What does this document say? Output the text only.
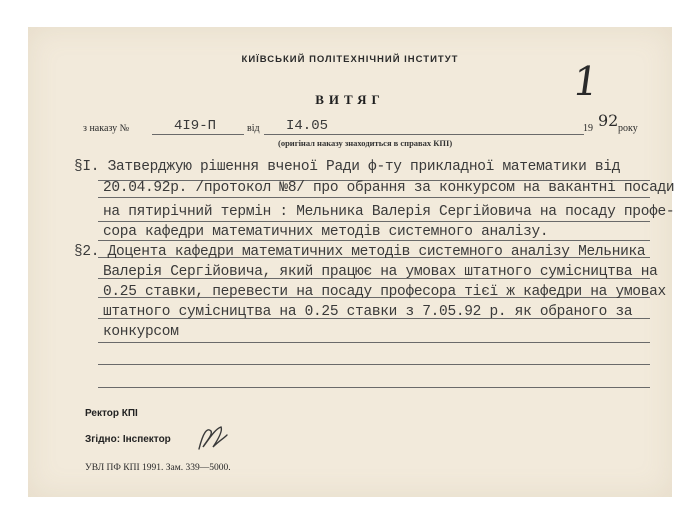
КИЇВСЬКИЙ ПОЛІТЕХНІЧНИЙ ІНСТИТУТ	1
ВИТЯГ
з наказу №	4І9-П	від І4.05	19 92 року
(оригінал наказу знаходиться в справах КПІ)
§І. Затверджую рішення вченої Ради ф-ту прикладної математики від
20.04.92р. /протокол №8/ про обрання за конкурсом на вакантні посади
на пятирічний термін : Мельника Валерія Сергійовича на посаду профе-
сора кафедри математичних методів системного аналізу.
§2. Доцента кафедри математичних методів системного аналізу Мельника
Валерія Сергійовича, який працює на умовах штатного сумісництва на
0.25 ставки, перевести на посаду професора тієї ж кафедри на умовах
штатного сумісництва на 0.25 ставки з 7.05.92 р. як обраного за
конкурсом
Ректор КПІ
Згідно: Інспектор
УВЛ ПФ КПІ 1991. Зам. 339—5000.
